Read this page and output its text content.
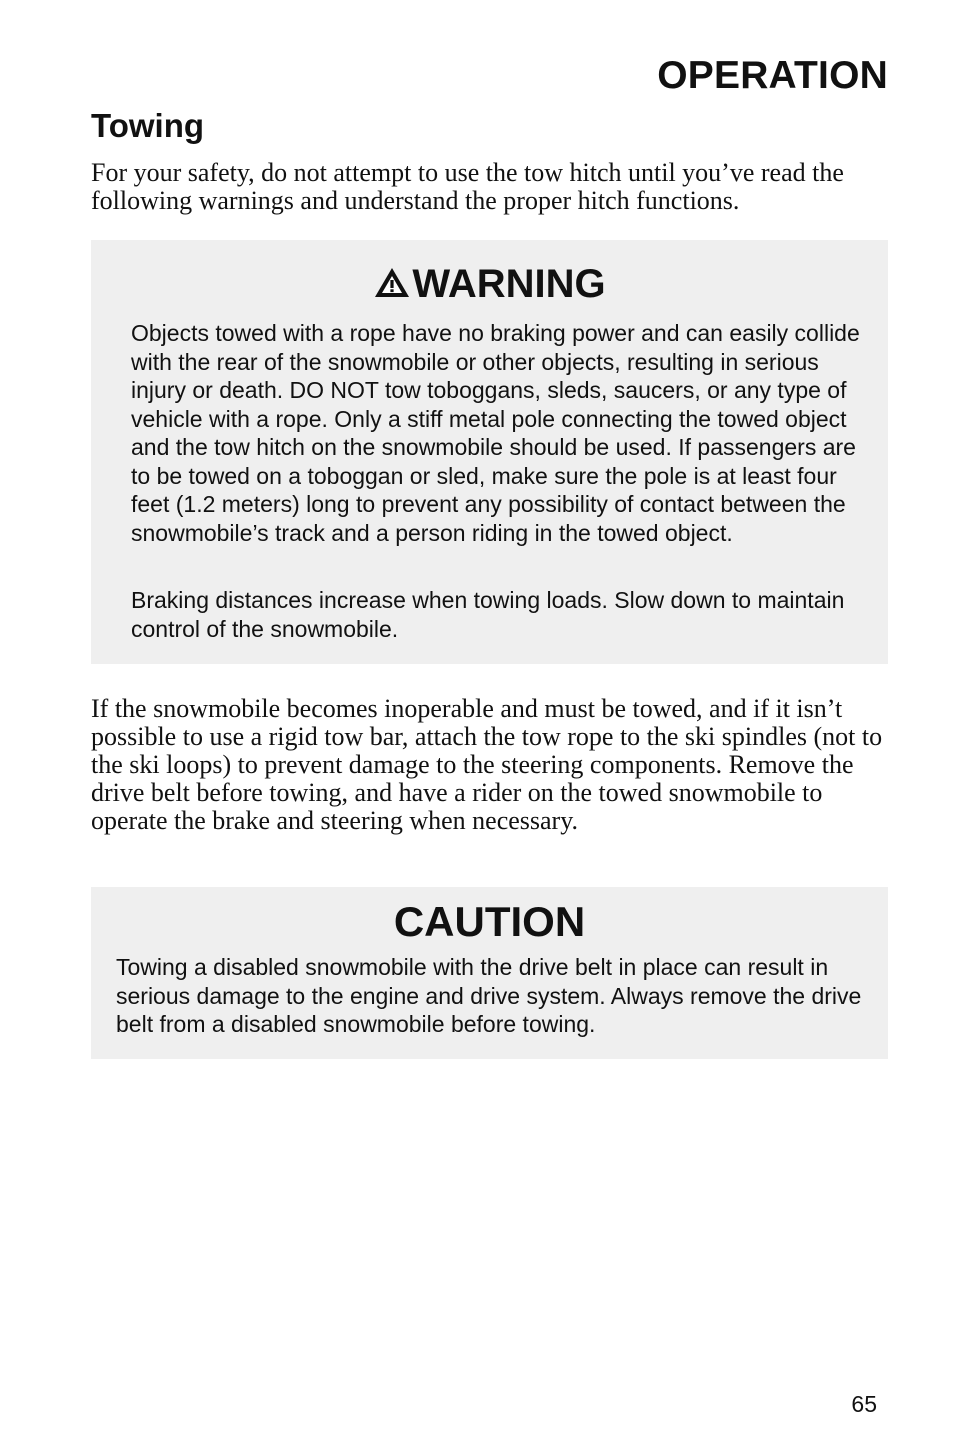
OPERATION
Towing

For your safety, do not attempt to use the tow hitch until you’ve read the following warnings and understand the proper hitch functions.

WARNING

Objects towed with a rope have no braking power and can easily collide with the rear of the snowmobile or other objects, resulting in serious injury or death. DO NOT tow toboggans, sleds, saucers, or any type of vehicle with a rope. Only a stiff metal pole connecting the towed object and the tow hitch on the snowmobile should be used. If passengers are to be towed on a toboggan or sled, make sure the pole is at least four feet (1.2 meters) long to prevent any possibility of contact between the snowmobile’s track and a person riding in the towed object.

Braking distances increase when towing loads. Slow down to maintain control of the snowmobile.

If the snowmobile becomes inoperable and must be towed, and if it isn’t possible to use a rigid tow bar, attach the tow rope to the ski spindles (not to the ski loops) to prevent damage to the steering components. Remove the drive belt before towing, and have a rider on the towed snowmobile to operate the brake and steering when necessary.

CAUTION

Towing a disabled snowmobile with the drive belt in place can result in serious damage to the engine and drive system. Always remove the drive belt from a disabled snowmobile before towing.

65
